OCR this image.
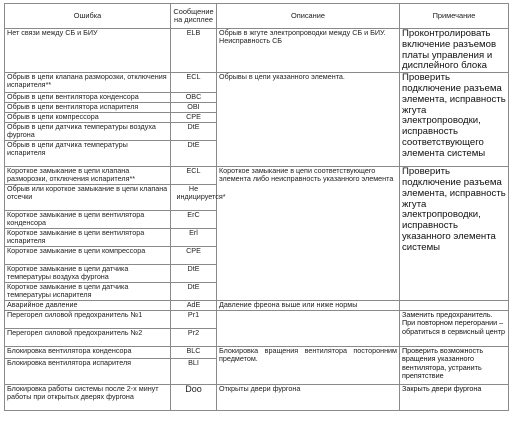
Ошибка	Сообщение на дисплее	Описание	Примечание
Нет связи между СБ и БИУ	ELB	Обрыв в жгуте электропроводки между СБ и БИУ. Неисправность СБ	Проконтролировать включение разъемов платы управления и дисплейного блока
Обрыв в цепи клапана разморозки, отключения испарителя**	ECL	Обрывы в цепи указанного элемента.	Проверить подключение разъема элемента, исправность жгута электропроводки, исправность соответствующего элемента системы
Обрыв в цепи вентилятора конденсора	OBC		
Обрыв в цепи вентилятора испарителя	OBI		
Обрыв в цепи компрессора	CPE		
Обрыв в цепи датчика температуры воздуха фургона	DtE		
Обрыв в цепи датчика температуры испарителя	DtE		
Короткое замыкание в цепи клапана разморозки, отключения испарителя**	ECL	Короткое замыкание в цепи соответствующего элемента либо неисправность указанного элемента	Проверить подключение разъема элемента, исправность жгута электропроводки, исправность указанного элемента системы
Обрыв или короткое замыкание в цепи клапана отсечки	Не индицируется*		
Короткое замыкание в цепи вентилятора конденсора	ErC		
Короткое замыкание в цепи вентилятора испарителя	Erl		
Короткое замыкание в цепи компрессора	CPE		
Короткое замыкание в цепи датчика температуры воздуха фургона	DtE		
Короткое замыкание в цепи датчика температуры испарителя	DtE		
Аварийное давление	AdE	Давление фреона выше или ниже нормы	
Перегорел силовой предохранитель №1	Pr1		Заменить предохранитель. При повторном перегорании – обратиться в сервисный центр
Перегорел силовой предохранитель №2	Pr2		
Блокировка вентилятора конденсора	BLC	Блокировка вращения вентилятора посторонним предметом.	Проверить возможность вращения указанного вентилятора, устранить препятствие
Блокировка вентилятора испарителя	BLI		
Блокировка работы системы после 2-х минут работы при открытых дверях фургона	Doo	Открыты двери фургона	Закрыть двери фургона
